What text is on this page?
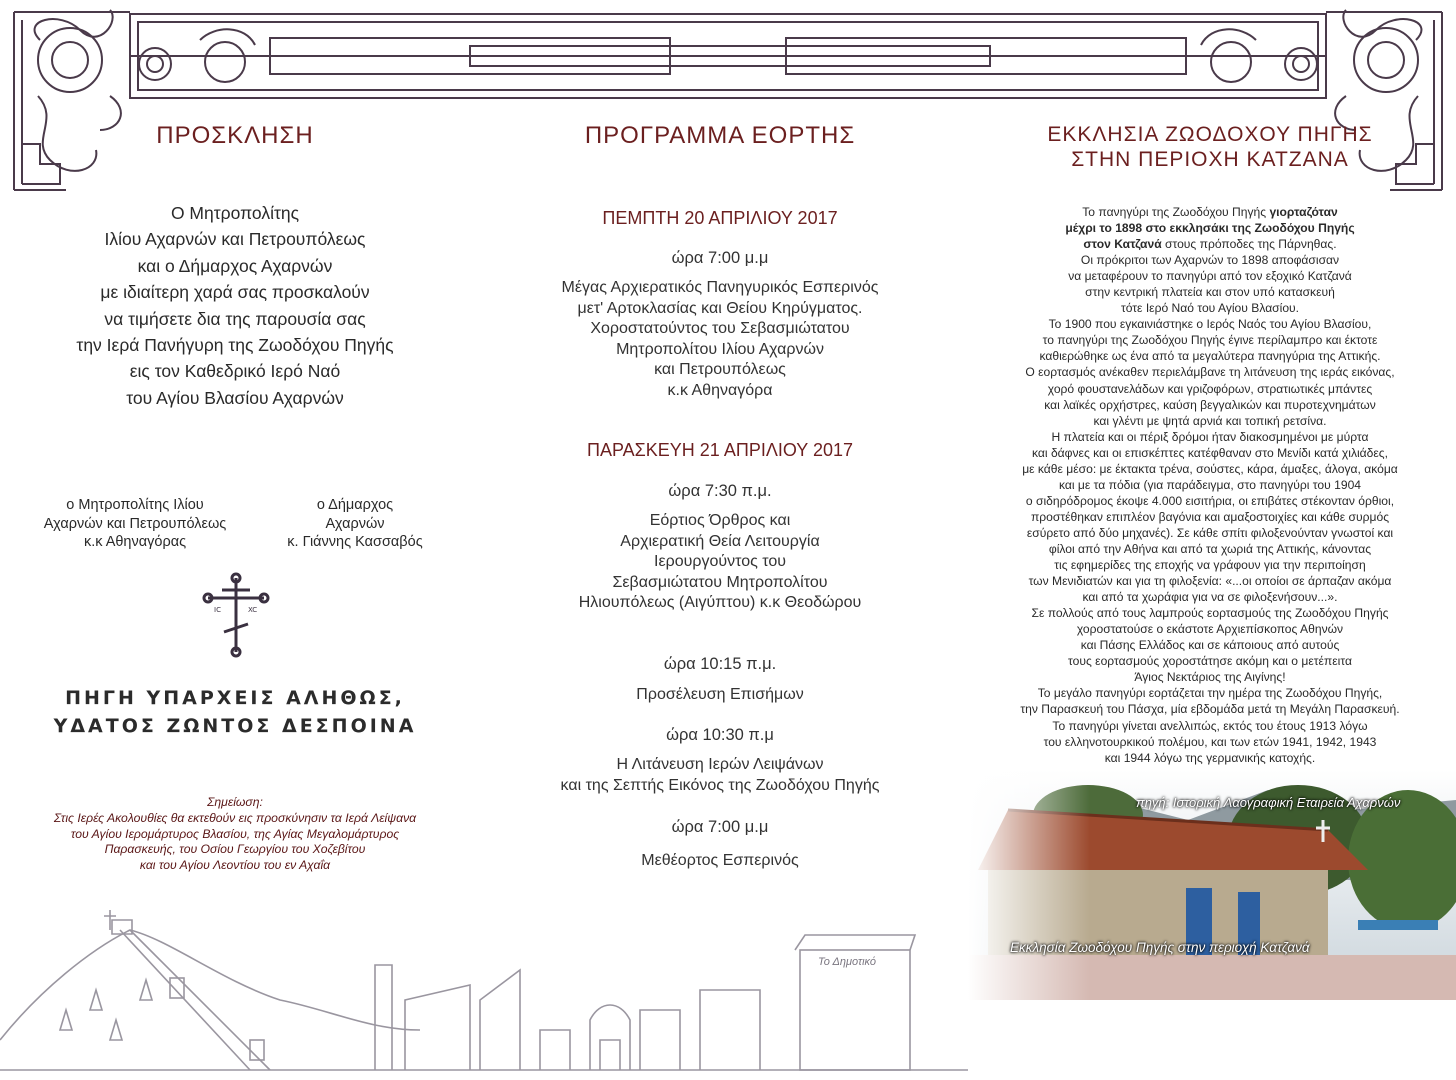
ΠΡΟΣΚΛΗΣΗ
Ο Μητροπολίτης
Ιλίου Αχαρνών και Πετρουπόλεως
και ο Δήμαρχος Αχαρνών
με ιδιαίτερη χαρά σας προσκαλούν
να τιμήσετε δια της παρουσία σας
την Ιερά Πανήγυρη της Ζωοδόχου Πηγής
εις τον Καθεδρικό Ιερό Ναό
του Αγίου Βλασίου Αχαρνών
ο Μητροπολίτης Ιλίου
Αχαρνών και Πετρουπόλεως
κ.κ Αθηναγόρας
ο Δήμαρχος
Αχαρνών
κ. Γιάννης Κασσαβός
IC	XC
ΠΗΓΗ ΥΠΑΡΧΕΙΣ ΑΛΗΘΩΣ,
ΥΔΑΤΟΣ ΖΩΝΤΟΣ ΔΕΣΠΟΙΝΑ
Σημείωση:
Στις Ιερές Ακολουθίες θα εκτεθούν εις προσκύνησιν τα Ιερά Λείψανα
του Αγίου Ιερομάρτυρος Βλασίου, της Αγίας Μεγαλομάρτυρος
Παρασκευής, του Οσίου Γεωργίου του Χοζεβίτου
και του Αγίου Λεοντίου του εν Αχαΐα
ΠΡΟΓΡΑΜΜΑ ΕΟΡΤΗΣ
ΠΕΜΠΤΗ 20 ΑΠΡΙΛΙΟΥ 2017
ώρα 7:00 μ.μ
Μέγας Αρχιερατικός Πανηγυρικός Εσπερινός
μετ' Αρτοκλασίας και Θείου Κηρύγματος.
Χοροστατούντος του Σεβασμιώτατου
Μητροπολίτου Ιλίου Αχαρνών
και Πετρουπόλεως
κ.κ Αθηναγόρα
ΠΑΡΑΣΚΕΥΗ 21 ΑΠΡΙΛΙΟΥ 2017
ώρα 7:30 π.μ.
Εόρτιος Όρθρος και
Αρχιερατική Θεία Λειτουργία
Ιερουργούντος του
Σεβασμιώτατου Μητροπολίτου
Ηλιουπόλεως (Αιγύπτου) κ.κ Θεοδώρου
ώρα 10:15 π.μ.
Προσέλευση Επισήμων
ώρα 10:30 π.μ
Η Λιτάνευση Ιερών Λειψάνων
και της Σεπτής Εικόνος της Ζωοδόχου Πηγής
ώρα 7:00 μ.μ
Μεθέορτος Εσπερινός
ΕΚΚΛΗΣΙΑ ΖΩΟΔΟΧΟΥ ΠΗΓΗΣ
ΣΤΗΝ ΠΕΡΙΟΧΗ ΚΑΤΖΑΝΑ
Το πανηγύρι της Ζωοδόχου Πηγής γιορταζόταν
μέχρι το 1898 στο εκκλησάκι της Ζωοδόχου Πηγής
στον Κατζανά στους πρόποδες της Πάρνηθας.
Οι πρόκριτοι των Αχαρνών το 1898 αποφάσισαν
να μεταφέρουν το πανηγύρι από τον εξοχικό Κατζανά
στην κεντρική πλατεία και στον υπό κατασκευή
τότε Ιερό Ναό του Αγίου Βλασίου.
Το 1900 που εγκαινιάστηκε ο Ιερός Ναός του Αγίου Βλασίου,
το πανηγύρι της Ζωοδόχου Πηγής έγινε περίλαμπρο και έκτοτε
καθιερώθηκε ως ένα από τα μεγαλύτερα πανηγύρια της Αττικής.
Ο εορτασμός ανέκαθεν περιελάμβανε τη λιτάνευση της ιεράς εικόνας,
χορό φουστανελάδων και γριζοφόρων, στρατιωτικές μπάντες
και λαϊκές ορχήστρες, καύση βεγγαλικών και πυροτεχνημάτων
και γλέντι με ψητά αρνιά και τοπική ρετσίνα.
Η πλατεία και οι πέριξ δρόμοι ήταν διακοσμημένοι με μύρτα
και δάφνες και οι επισκέπτες κατέφθαναν στο Μενίδι κατά χιλιάδες,
με κάθε μέσο: με έκτακτα τρένα, σούστες, κάρα, άμαξες, άλογα, ακόμα
και με τα πόδια (για παράδειγμα, στο πανηγύρι του 1904
ο σιδηρόδρομος έκοψε 4.000 εισιτήρια, οι επιβάτες στέκονταν όρθιοι,
προστέθηκαν επιπλέον βαγόνια και αμαξοστοιχίες και κάθε συρμός
εσύρετο από δύο μηχανές). Σε κάθε σπίτι φιλοξενούνταν γνωστοί και
φίλοι από την Αθήνα και από τα χωριά της Αττικής, κάνοντας
τις εφημερίδες της εποχής να γράφουν για την περιποίηση
των Μενιδιατών και για τη φιλοξενία: «...οι οποίοι σε άρπαζαν ακόμα
και από τα χωράφια για να σε φιλοξενήσουν...».
Σε πολλούς από τους λαμπρούς εορτασμούς της Ζωοδόχου Πηγής
χοροστατούσε ο εκάστοτε Αρχιεπίσκοπος Αθηνών
και Πάσης Ελλάδος και σε κάποιους από αυτούς
τους εορτασμούς χοροστάτησε ακόμη και ο μετέπειτα
Άγιος Νεκτάριος της Αιγίνης!
Το μεγάλο πανηγύρι εορτάζεται την ημέρα της Ζωοδόχου Πηγής,
την Παρασκευή του Πάσχα, μία εβδομάδα μετά τη Μεγάλη Παρασκευή.
Το πανηγύρι γίνεται ανελλιπώς, εκτός του έτους 1913 λόγω
του ελληνοτουρκικού πολέμου, και των ετών 1941, 1942, 1943
και 1944 λόγω της γερμανικής κατοχής.
πηγή: Ιστορική Λαογραφική Εταιρεία Αχαρνών
Εκκλησία Ζωοδόχου Πηγής στην περιοχή Κατζανά
Το Δημοτικό
